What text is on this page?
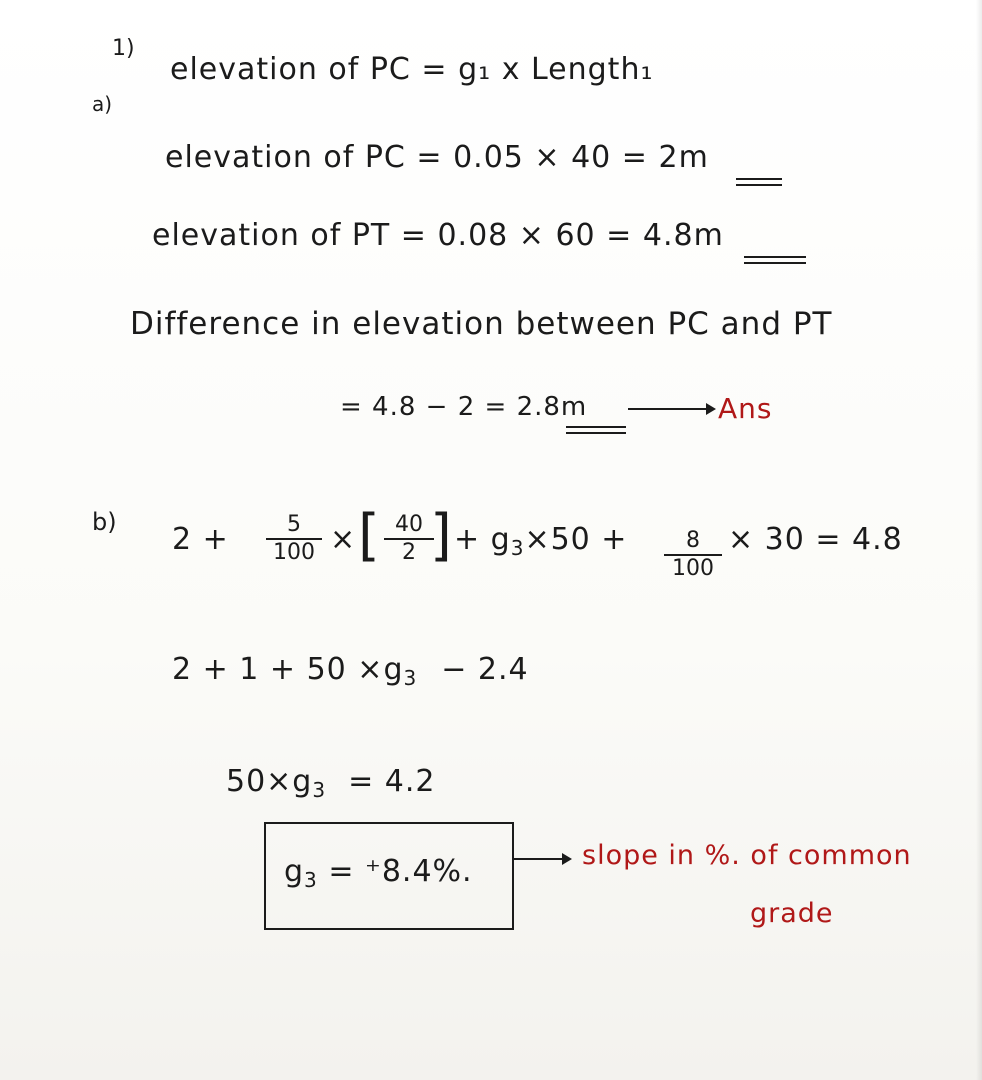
1)
a)
elevation of PC = g₁ x Length₁
elevation of PC = 0.05 × 40 = 2m
elevation of PT = 0.08 × 60 = 4.8m
Difference in elevation between PC and PT
= 4.8 − 2 = 2.8m	Ans
b) 2 +	5
100 × [ 40
2 ] + $g_3\times 50$ +	8
100
× 30 = 4.8
$2 + 1 + 50 \times g_3 - 2.4$
$50\times g_3 = 4.2$
$g_3 = ^+8.4\%$.	slope in %. of common
grade
